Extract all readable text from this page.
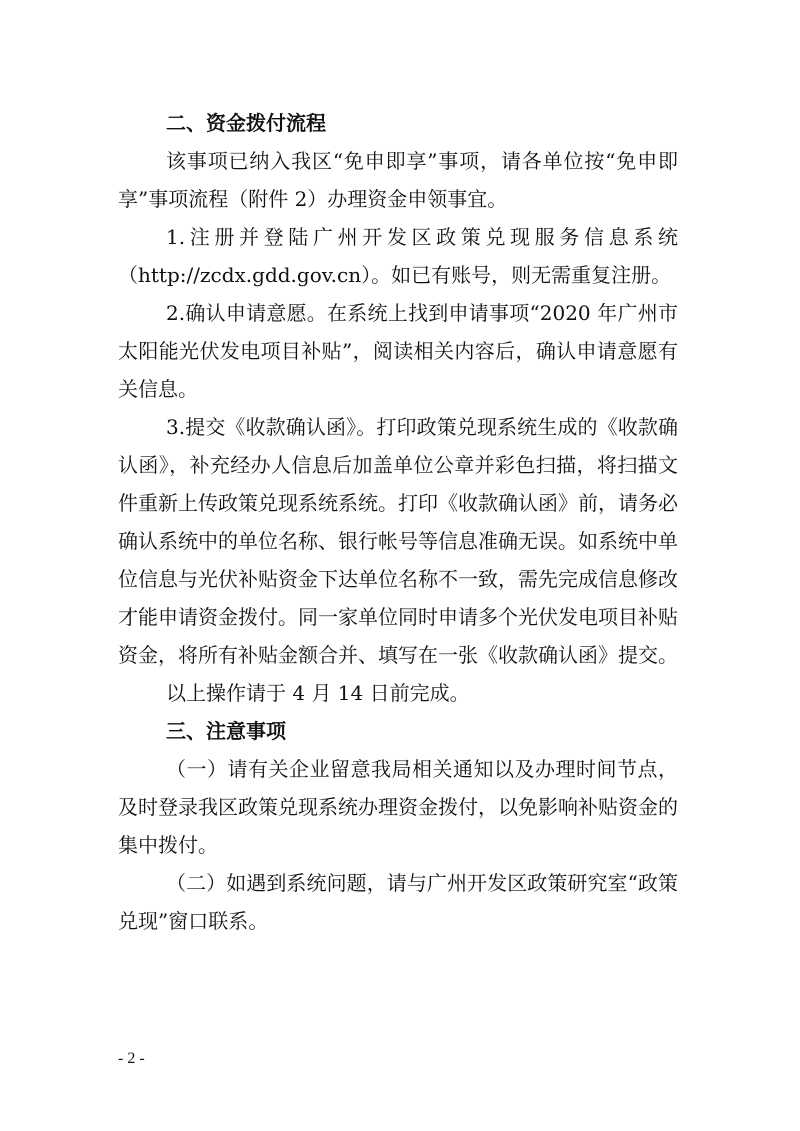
二、资金拨付流程

该事项已纳入我区“免申即享”事项，请各单位按“免申即享”事项流程（附件 2）办理资金申领事宜。

1.注册并登陆广州开发区政策兑现服务信息系统（http://zcdx.gdd.gov.cn）。如已有账号，则无需重复注册。

2.确认申请意愿。在系统上找到申请事项“2020 年广州市太阳能光伏发电项目补贴”，阅读相关内容后，确认申请意愿有关信息。

3.提交《收款确认函》。打印政策兑现系统生成的《收款确认函》，补充经办人信息后加盖单位公章并彩色扫描，将扫描文件重新上传政策兑现系统系统。打印《收款确认函》前，请务必确认系统中的单位名称、银行帐号等信息准确无误。如系统中单位信息与光伏补贴资金下达单位名称不一致，需先完成信息修改才能申请资金拨付。同一家单位同时申请多个光伏发电项目补贴资金，将所有补贴金额合并、填写在一张《收款确认函》提交。

以上操作请于 4 月 14 日前完成。

三、注意事项

（一）请有关企业留意我局相关通知以及办理时间节点，及时登录我区政策兑现系统办理资金拨付，以免影响补贴资金的集中拨付。

（二）如遇到系统问题，请与广州开发区政策研究室“政策兑现”窗口联系。

- 2 -
